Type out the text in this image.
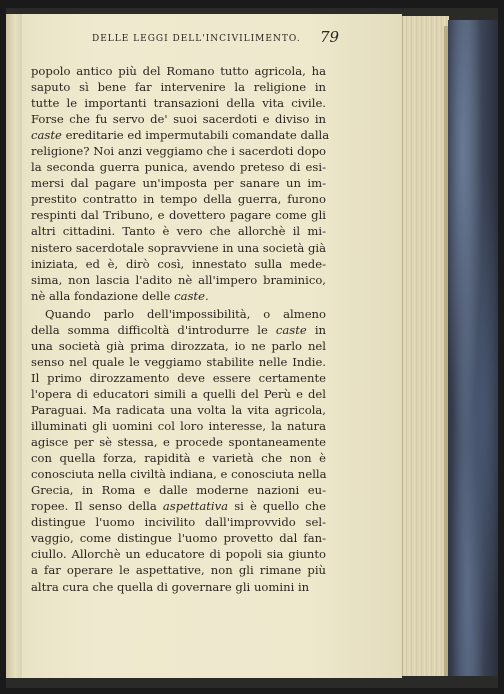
DELLE LEGGI DELL'INCIVILIMENTO.	79
popolo antico più del Romano tutto agricola, ha
saputo sì bene far intervenire la religione in
tutte le importanti transazioni della vita civile.
Forse che fu servo de' suoi sacerdoti e diviso in
caste ereditarie ed impermutabili comandate dalla
religione? Noi anzi veggiamo che i sacerdoti dopo
la seconda guerra punica, avendo preteso di esi-
mersi dal pagare un'imposta per sanare un im-
prestito contratto in tempo della guerra, furono
respinti dal Tribuno, e dovettero pagare come gli
altri cittadini. Tanto è vero che allorchè il mi-
nistero sacerdotale sopravviene in una società già
iniziata, ed è, dirò così, innestato sulla mede-
sima, non lascia l'adito nè all'impero braminico,
nè alla fondazione delle caste.
Quando parlo dell'impossibilità, o almeno
della somma difficoltà d'introdurre le caste in
una società già prima dirozzata, io ne parlo nel
senso nel quale le veggiamo stabilite nelle Indie.
Il primo dirozzamento deve essere certamente
l'opera di educatori simili a quelli del Perù e del
Paraguai. Ma radicata una volta la vita agricola,
illuminati gli uomini col loro interesse, la natura
agisce per sè stessa, e procede spontaneamente
con quella forza, rapidità e varietà che non è
conosciuta nella civiltà indiana, e conosciuta nella
Grecia, in Roma e dalle moderne nazioni eu-
ropee. Il senso della aspettativa si è quello che
distingue l'uomo incivilito dall'improvvido sel-
vaggio, come distingue l'uomo provetto dal fan-
ciullo. Allorchè un educatore di popoli sia giunto
a far operare le aspettative, non gli rimane più
altra cura che quella di governare gli uomini in
